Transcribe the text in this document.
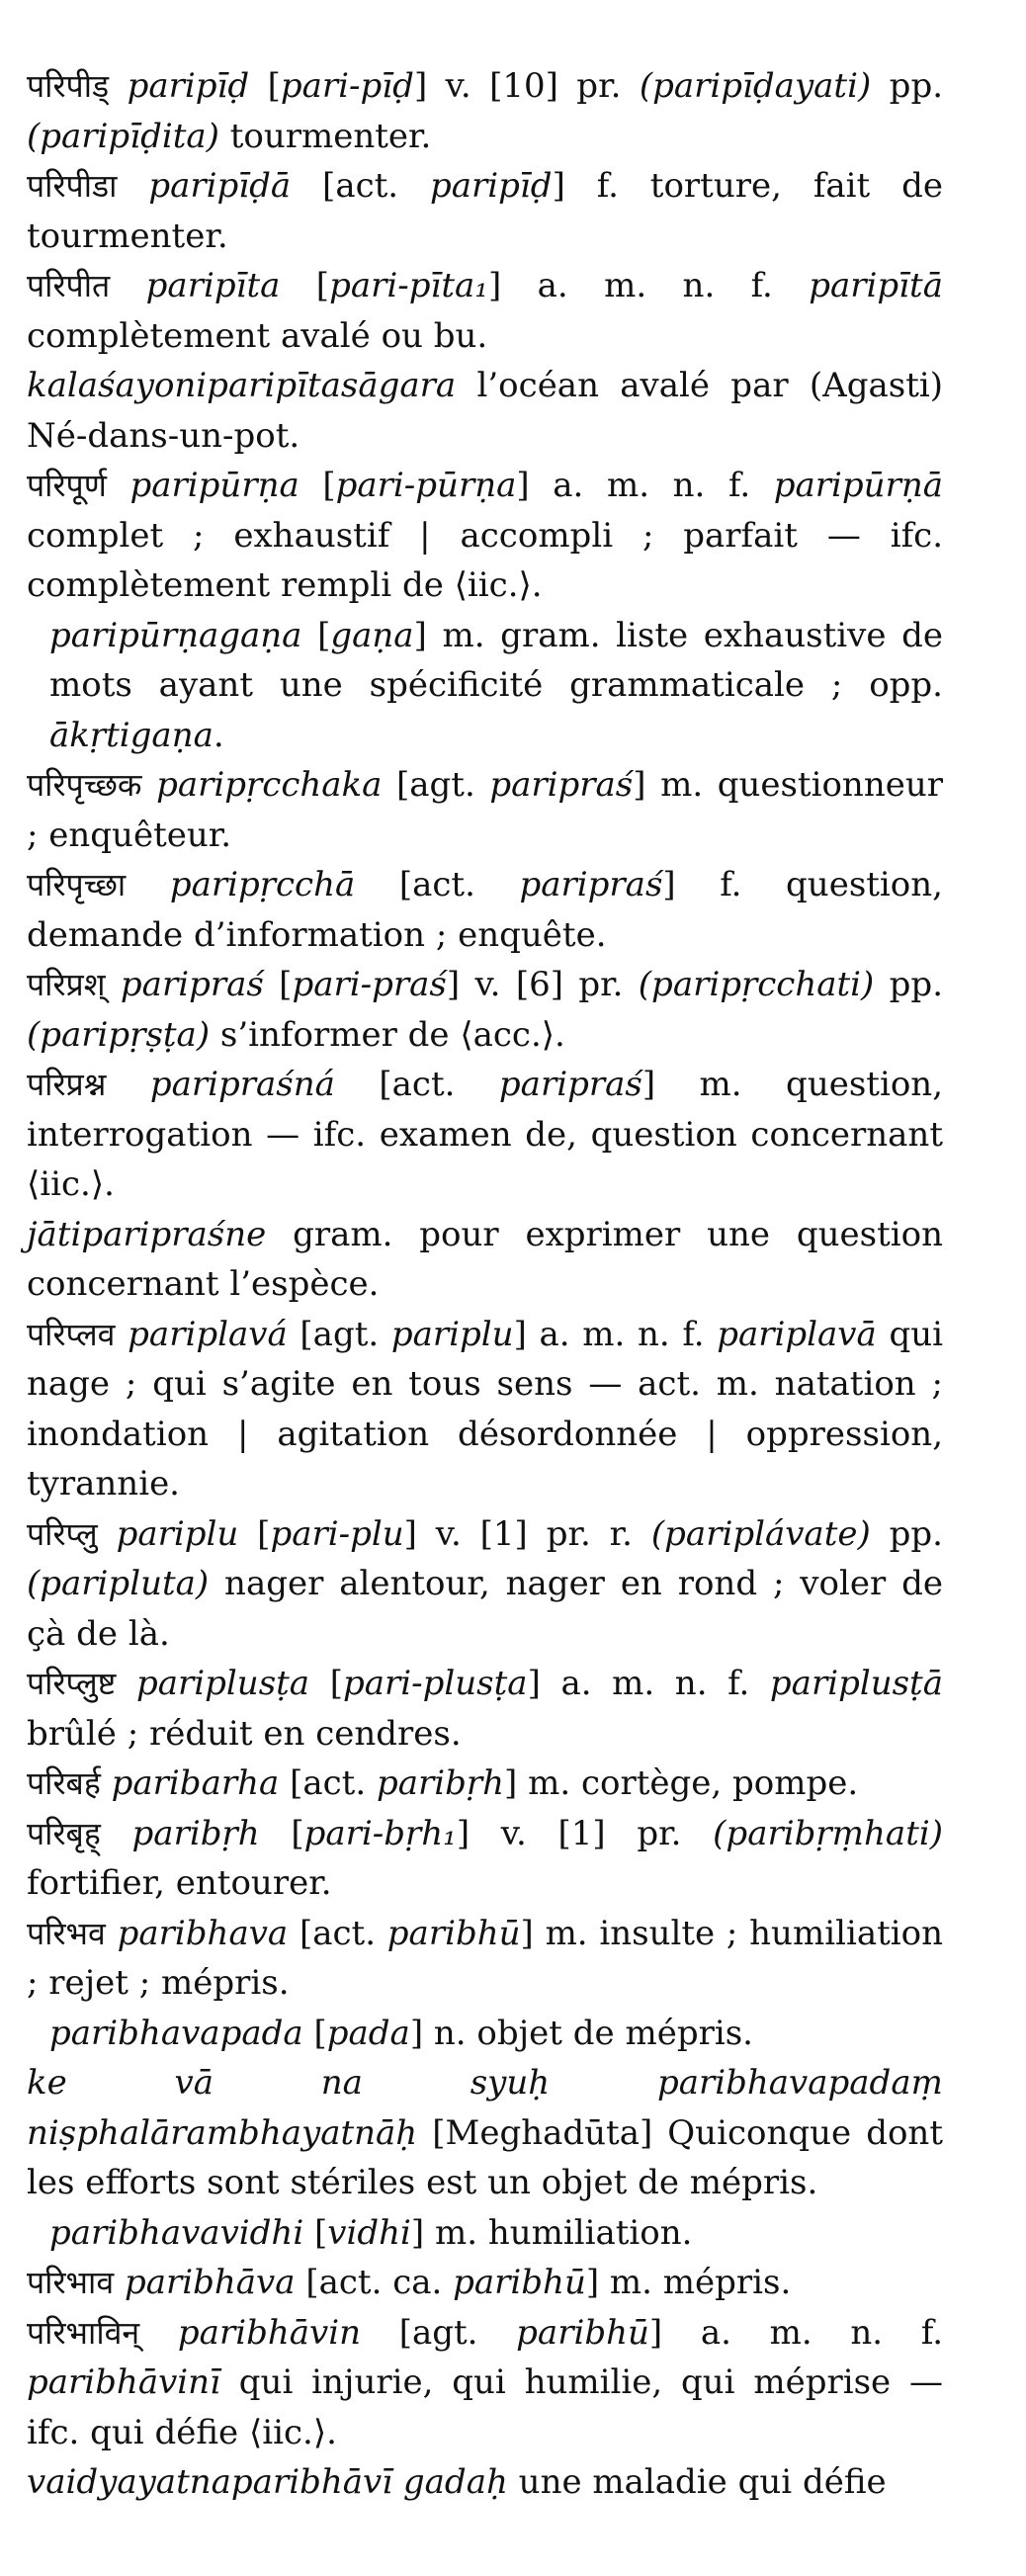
परिपीड् paripīḍ [pari-pīḍ] v. [10] pr. (paripīḍayati) pp. (paripīḍita) tourmenter.

परिपीडा paripīḍā [act. paripīḍ] f. torture, fait de tourmenter.

परिपीत paripīta [pari-pīta₁] a. m. n. f. paripītā complètement avalé ou bu.

kalaśayoniparipītasāgara l’océan avalé par (Agasti) Né-dans-un-pot.

परिपूर्ण paripūrṇa [pari-pūrṇa] a. m. n. f. paripūrṇā complet ; exhaustif | accompli ; parfait — ifc. complètement rempli de ⟨iic.⟩.

paripūrṇagaṇa [gaṇa] m. gram. liste exhaustive de mots ayant une spécificité grammaticale ; opp. ākṛtigaṇa.

परिपृच्छक paripṛcchaka [agt. paripraś] m. questionneur ; enquêteur.

परिपृच्छा paripṛcchā [act. paripraś] f. question, demande d’information ; enquête.

परिप्रश् paripraś [pari-praś] v. [6] pr. (paripṛcchati) pp. (paripṛṣṭa) s’informer de ⟨acc.⟩.

परिप्रश्न paripraśná [act. paripraś] m. question, interrogation — ifc. examen de, question concernant ⟨iic.⟩.

jātiparipraśne gram. pour exprimer une question concernant l’espèce.

परिप्लव pariplavá [agt. pariplu] a. m. n. f. pariplavā qui nage ; qui s’agite en tous sens — act. m. natation ; inondation | agitation désordonnée | oppression, tyrannie.

परिप्लु pariplu [pari-plu] v. [1] pr. r. (pariplávate) pp. (paripluta) nager alentour, nager en rond ; voler de çà de là.

परिप्लुष्ट pariplusṭa [pari-plusṭa] a. m. n. f. pariplusṭā brûlé ; réduit en cendres.

परिबर्ह paribarha [act. paribṛh] m. cortège, pompe.

परिबृह् paribṛh [pari-bṛh₁] v. [1] pr. (paribṛṃhati) fortifier, entourer.

परिभव paribhava [act. paribhū] m. insulte ; humiliation ; rejet ; mépris.

paribhavapada [pada] n. objet de mépris.

ke vā na syuḥ paribhavapadaṃ niṣphalārambhayatnāḥ [Meghadūta] Quiconque dont les efforts sont stériles est un objet de mépris.

paribhavavidhi [vidhi] m. humiliation.

परिभाव paribhāva [act. ca. paribhū] m. mépris.

परिभाविन् paribhāvin [agt. paribhū] a. m. n. f. paribhāvinī qui injurie, qui humilie, qui méprise — ifc. qui défie ⟨iic.⟩.

vaidyayatnaparibhāvī gadaḥ une maladie qui défie
